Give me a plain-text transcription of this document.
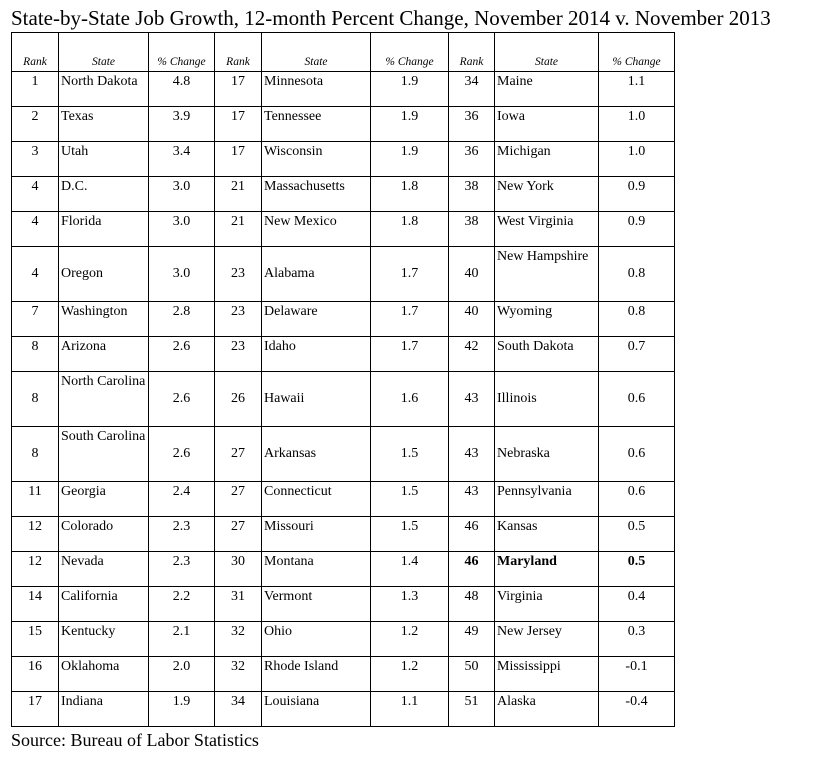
State-by-State Job Growth, 12-month Percent Change, November 2014 v. November 2013
Rank	State	% Change	Rank	State	% Change	Rank	State	% Change
1	North Dakota	4.8	17	Minnesota	1.9	34	Maine	1.1
2	Texas	3.9	17	Tennessee	1.9	36	Iowa	1.0
3	Utah	3.4	17	Wisconsin	1.9	36	Michigan	1.0
4	D.C.	3.0	21	Massachusetts	1.8	38	New York	0.9
4	Florida	3.0	21	New Mexico	1.8	38	West Virginia	0.9
4	Oregon	3.0	23	Alabama	1.7	40	New Hampshire	0.8
7	Washington	2.8	23	Delaware	1.7	40	Wyoming	0.8
8	Arizona	2.6	23	Idaho	1.7	42	South Dakota	0.7
8	North Carolina	2.6	26	Hawaii	1.6	43	Illinois	0.6
8	South Carolina	2.6	27	Arkansas	1.5	43	Nebraska	0.6
11	Georgia	2.4	27	Connecticut	1.5	43	Pennsylvania	0.6
12	Colorado	2.3	27	Missouri	1.5	46	Kansas	0.5
12	Nevada	2.3	30	Montana	1.4	46	Maryland	0.5
14	California	2.2	31	Vermont	1.3	48	Virginia	0.4
15	Kentucky	2.1	32	Ohio	1.2	49	New Jersey	0.3
16	Oklahoma	2.0	32	Rhode Island	1.2	50	Mississippi	-0.1
17	Indiana	1.9	34	Louisiana	1.1	51	Alaska	-0.4
Source: Bureau of Labor Statistics
